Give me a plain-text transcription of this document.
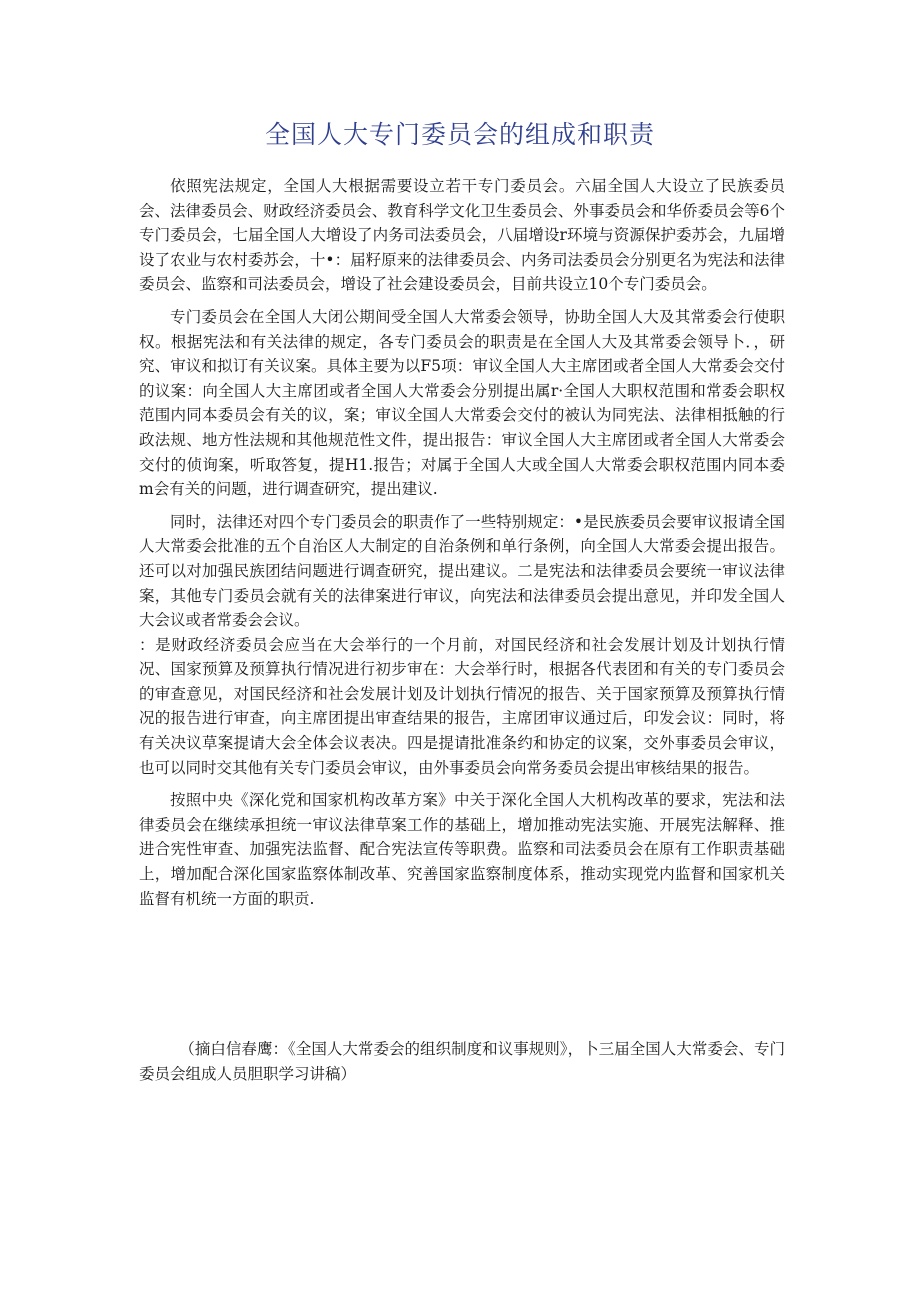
全国人大专门委员会的组成和职责

依照宪法规定，全国人大根据需要设立若干专门委员会。六届全国人大设立了民族委员会、法律委员会、财政经济委员会、教育科学文化卫生委员会、外事委员会和华侨委员会等6个专门委员会，七届全国人大增设了内务司法委员会，八届增设r环境与资源保护委苏会，九届增设了农业与农村委苏会，十•：届籽原来的法律委员会、内务司法委员会分别更名为宪法和法律委员会、监察和司法委员会，增设了社会建设委员会，目前共设立10个专门委员会。

专门委员会在全国人大闭公期间受全国人大常委会领导，协助全国人大及其常委会行使职权。根据宪法和有关法律的规定，各专门委员会的职责是在全国人大及其常委会领导卜．，研究、审议和拟订有关议案。具体主要为以F5项：审议全国人大主席团或者全国人大常委会交付的议案：向全国人大主席团或者全国人大常委会分别提出属r·全国人大职权范围和常委会职权范围内同本委员会有关的议，案；审议全国人大常委会交付的被认为同宪法、法律相抵触的行政法规、地方性法规和其他规范性文件，提出报告：审议全国人大主席团或者全国人大常委会交付的侦询案，听取答复，提H1.报告；对属于全国人大或全国人大常委会职权范围内同本委m会有关的问题，进行调查研究，提出建议.

同时，法律还对四个专门委员会的职责作了一些特别规定：•是民族委员会要审议报请全国人大常委会批准的五个自治区人大制定的自治条例和单行条例，向全国人大常委会提出报告。还可以对加强民族团结问题进行调查研究，提出建议。二是宪法和法律委员会要统一审议法律案，其他专门委员会就有关的法律案进行审议，向宪法和法律委员会提出意见，并印发全国人大会议或者常委会会议。

：是财政经济委员会应当在大会举行的一个月前，对国民经济和社会发展计划及计划执行情况、国家预算及预算执行情况进行初步审在：大会举行时，根据各代表团和有关的专门委员会的审查意见，对国民经济和社会发展计划及计划执行情况的报告、关于国家预算及预算执行情况的报告进行审查，向主席团提出审查结果的报告，主席团审议通过后，印发会议：同时，将有关决议草案提请大会全体会议表决。四是提请批准条约和协定的议案，交外事委员会审议，也可以同时交其他有关专门委员会审议，由外事委员会向常务委员会提出审核结果的报告。

按照中央《深化党和国家机构改革方案》中关于深化全国人大机构改革的要求，宪法和法律委员会在继续承担统一审议法律草案工作的基础上，增加推动宪法实施、开展宪法解释、推进合宪性审查、加强宪法监督、配合宪法宣传等职费。监察和司法委员会在原有工作职责基础上，增加配合深化国家监察体制改革、究善国家监察制度体系，推动实现党内监督和国家机关监督有机统一方面的职贡.

（摘白信春鹰：《全国人大常委会的组织制度和议事规则》，卜三届全国人大常委会、专门委员会组成人员胆职学习讲稿）
